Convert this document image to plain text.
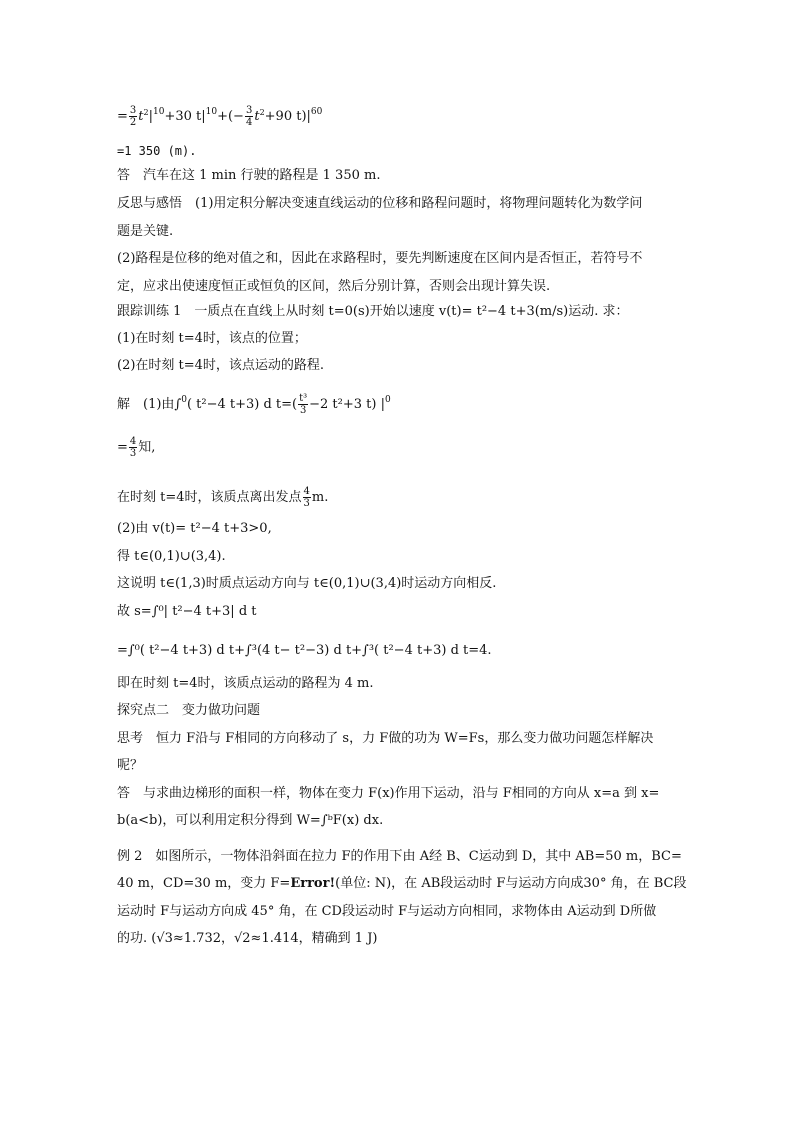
= $\frac{3}{2} t^2|^{10}+30$ $t|^{10}+(- \frac{3}{4} t^2+90$ $t)|^{60}$
=1 350 (m).
答　汽车在这 1 min 行驶的路程是 1 350 m.
反思与感悟　(1)用定积分解决变速直线运动的位移和路程问题时，将物理问题转化为数学问
题是关键.
(2)路程是位移的绝对值之和，因此在求路程时，要先判断速度在区间内是否恒正，若符号不
定，应求出使速度恒正或恒负的区间，然后分别计算，否则会出现计算失误.
跟踪训练 1　一质点在直线上从时刻 t=0(s)开始以速度 v(t)= t²−4 t+3(m/s)运动. 求：
(1)在时刻 t=4时，该点的位置；
(2)在时刻 t=4时，该点运动的路程.
解　(1)由∫$^0$( t²−4 t+3) d $t=( \frac{\text{t³}}{3} -2$ t²+3 t) $|^0$
= $\frac{4}{3}$ 知,
在时刻 t=4时，该质点离出发点 $\frac{4}{3} m$.
(2)由 v(t)= t²−4 t+3>0,
得 t∈(0,1)∪(3,4).
这说明 t∈(1,3)时质点运动方向与 t∈(0,1)∪(3,4)时运动方向相反.
故 s=∫⁰| t²−4 t+3| d t
=∫⁰( t²−4 t+3) d t+∫³(4 t− t²−3) d t+∫³( t²−4 t+3) d t=4.
即在时刻 t=4时，该质点运动的路程为 4 m.
探究点二　变力做功问题
思考　恒力 F沿与 F相同的方向移动了 s，力 F做的功为 W=Fs，那么变力做功问题怎样解决
呢？
答　与求曲边梯形的面积一样，物体在变力 F(x)作用下运动，沿与 F相同的方向从 x=a 到 x=
b(a<b)，可以利用定积分得到 W=∫ᵇF(x) dx.
例 2　如图所示，一物体沿斜面在拉力 F的作用下由 A经 B、C运动到 D，其中 AB=50 m，BC=
40 m，CD=30 m，变力 F=Error!(单位: N)，在 AB段运动时 F与运动方向成30° 角，在 BC段
运动时 F与运动方向成 45° 角，在 CD段运动时 F与运动方向相同，求物体由 A运动到 D所做
的功. (√3≈1.732，√2≈1.414，精确到 1 J)
